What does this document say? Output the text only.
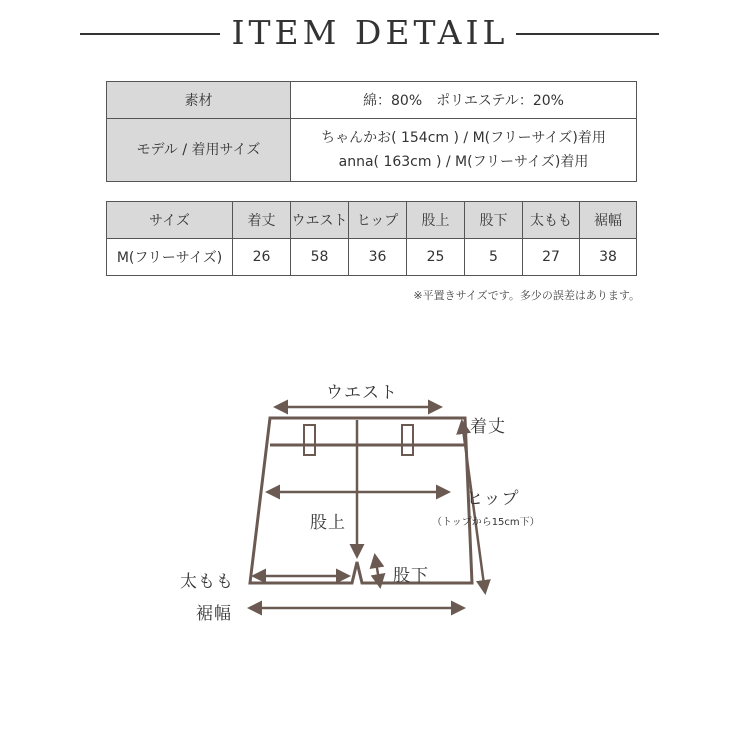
ITEM DETAIL
素材	綿：80%　ポリエステル：20%
モデル / 着用サイズ	ちゃんかお( 154cm ) / M(フリーサイズ)着用
anna( 163cm ) / M(フリーサイズ)着用
サイズ	着丈	ウエスト	ヒップ	股上	股下	太もも	裾幅
M(フリーサイズ)	26	58	36	25	5	27	38
※平置きサイズです。多少の誤差はあります。
ウエスト
着丈
ヒップ
（トップから15cm下）
股上
股下
太もも
裾幅
